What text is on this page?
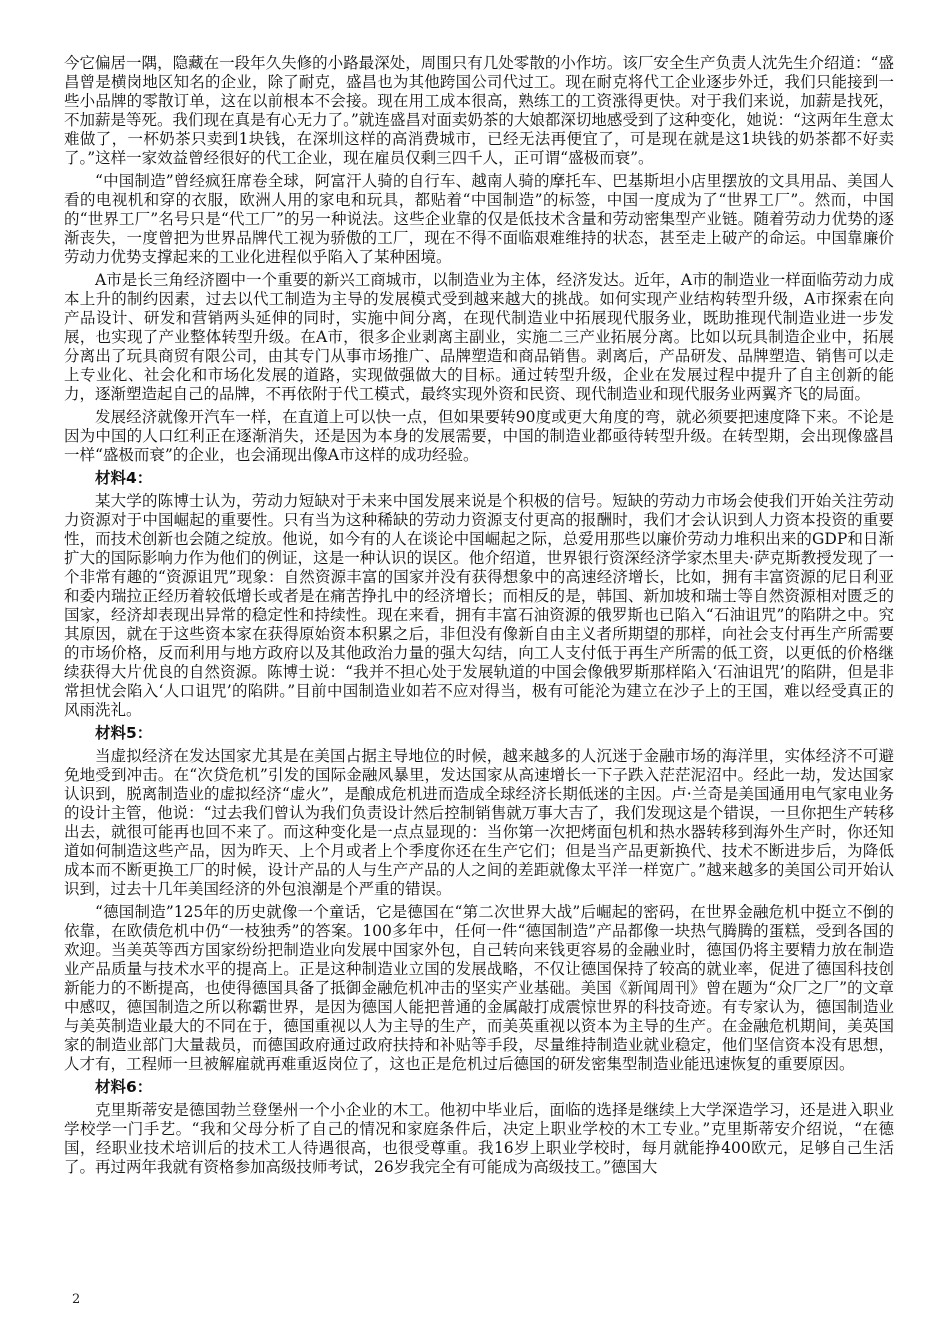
今它偏居一隅，隐藏在一段年久失修的小路最深处，周围只有几处零散的小作坊。该厂安全生产负责人沈先生介绍道：“盛昌曾是横岗地区知名的企业，除了耐克，盛昌也为其他跨国公司代过工。现在耐克将代工企业逐步外迁，我们只能接到一些小品牌的零散订单，这在以前根本不会接。现在用工成本很高，熟练工的工资涨得更快。对于我们来说，加薪是找死，不加薪是等死。我们现在真是有心无力了。”就连盛昌对面卖奶茶的大娘都深切地感受到了这种变化，她说：“这两年生意太难做了，一杯奶茶只卖到1块钱，在深圳这样的高消费城市，已经无法再便宜了，可是现在就是这1块钱的奶茶都不好卖了。”这样一家效益曾经很好的代工企业，现在雇员仅剩三四千人，正可谓“盛极而衰”。

“中国制造”曾经疯狂席卷全球，阿富汗人骑的自行车、越南人骑的摩托车、巴基斯坦小店里摆放的文具用品、美国人看的电视机和穿的衣服，欧洲人用的家电和玩具，都贴着“中国制造”的标签，中国一度成为了“世界工厂”。然而，中国的“世界工厂”名号只是“代工厂”的另一种说法。这些企业靠的仅是低技术含量和劳动密集型产业链。随着劳动力优势的逐渐丧失，一度曾把为世界品牌代工视为骄傲的工厂，现在不得不面临艰难维持的状态，甚至走上破产的命运。中国靠廉价劳动力优势支撑起来的工业化进程似乎陷入了某种困境。

A市是长三角经济圈中一个重要的新兴工商城市，以制造业为主体，经济发达。近年，A市的制造业一样面临劳动力成本上升的制约因素，过去以代工制造为主导的发展模式受到越来越大的挑战。如何实现产业结构转型升级，A市探索在向产品设计、研发和营销两头延伸的同时，实施中间分离，在现代制造业中拓展现代服务业，既助推现代制造业进一步发展，也实现了产业整体转型升级。在A市，很多企业剥离主副业，实施二三产业拓展分离。比如以玩具制造企业中，拓展分离出了玩具商贸有限公司，由其专门从事市场推广、品牌塑造和商品销售。剥离后，产品研发、品牌塑造、销售可以走上专业化、社会化和市场化发展的道路，实现做强做大的目标。通过转型升级，企业在发展过程中提升了自主创新的能力，逐渐塑造起自己的品牌，不再依附于代工模式，最终实现外资和民资、现代制造业和现代服务业两翼齐飞的局面。

发展经济就像开汽车一样，在直道上可以快一点，但如果要转90度或更大角度的弯，就必须要把速度降下来。不论是因为中国的人口红利正在逐渐消失，还是因为本身的发展需要，中国的制造业都亟待转型升级。在转型期，会出现像盛昌一样“盛极而衰”的企业，也会涌现出像A市这样的成功经验。

材料4：

某大学的陈博士认为，劳动力短缺对于未来中国发展来说是个积极的信号。短缺的劳动力市场会使我们开始关注劳动力资源对于中国崛起的重要性。只有当为这种稀缺的劳动力资源支付更高的报酬时，我们才会认识到人力资本投资的重要性，而技术创新也会随之绽放。他说，如今有的人在谈论中国崛起之际，总爱用那些以廉价劳动力堆积出来的GDP和日渐扩大的国际影响力作为他们的例证，这是一种认识的误区。他介绍道，世界银行资深经济学家杰里夫·萨克斯教授发现了一个非常有趣的“资源诅咒”现象：自然资源丰富的国家并没有获得想象中的高速经济增长，比如，拥有丰富资源的尼日利亚和委内瑞拉正经历着较低增长或者是在痛苦挣扎中的经济增长；而相反的是，韩国、新加坡和瑞士等自然资源相对匮乏的国家，经济却表现出异常的稳定性和持续性。现在来看，拥有丰富石油资源的俄罗斯也已陷入“石油诅咒”的陷阱之中。究其原因，就在于这些资本家在获得原始资本积累之后，非但没有像新自由主义者所期望的那样，向社会支付再生产所需要的市场价格，反而利用与地方政府以及其他政治力量的强大勾结，向工人支付低于再生产所需的低工资，以更低的价格继续获得大片优良的自然资源。陈博士说：“我并不担心处于发展轨道的中国会像俄罗斯那样陷入‘石油诅咒’的陷阱，但是非常担忧会陷入‘人口诅咒’的陷阱。”目前中国制造业如若不应对得当，极有可能沦为建立在沙子上的王国，难以经受真正的风雨洗礼。

材料5：

当虚拟经济在发达国家尤其是在美国占据主导地位的时候，越来越多的人沉迷于金融市场的海洋里，实体经济不可避免地受到冲击。在“次贷危机”引发的国际金融风暴里，发达国家从高速增长一下子跌入茫茫泥沼中。经此一劫，发达国家认识到，脱离制造业的虚拟经济“虚火”，是酿成危机进而造成全球经济长期低迷的主因。卢·兰奇是美国通用电气家电业务的设计主管，他说：“过去我们曾认为我们负责设计然后控制销售就万事大吉了，我们发现这是个错误，一旦你把生产转移出去，就很可能再也回不来了。而这种变化是一点点显现的：当你第一次把烤面包机和热水器转移到海外生产时，你还知道如何制造这些产品，因为昨天、上个月或者上个季度你还在生产它们；但是当产品更新换代、技术不断进步后，为降低成本而不断更换工厂的时候，设计产品的人与生产产品的人之间的差距就像太平洋一样宽广。”越来越多的美国公司开始认识到，过去十几年美国经济的外包浪潮是个严重的错误。

“德国制造”125年的历史就像一个童话，它是德国在“第二次世界大战”后崛起的密码，在世界金融危机中挺立不倒的依靠，在欧债危机中仍“一枝独秀”的答案。100多年中，任何一件“德国制造”产品都像一块热气腾腾的蛋糕，受到各国的欢迎。当美英等西方国家纷纷把制造业向发展中国家外包，自己转向来钱更容易的金融业时，德国仍将主要精力放在制造业产品质量与技术水平的提高上。正是这种制造业立国的发展战略，不仅让德国保持了较高的就业率，促进了德国科技创新能力的不断提高，也使得德国具备了抵御金融危机冲击的坚实产业基础。美国《新闻周刊》曾在题为“众厂之厂”的文章中感叹，德国制造之所以称霸世界，是因为德国人能把普通的金属敲打成震惊世界的科技奇迹。有专家认为，德国制造业与美英制造业最大的不同在于，德国重视以人为主导的生产，而美英重视以资本为主导的生产。在金融危机期间，美英国家的制造业部门大量裁员，而德国政府通过政府扶持和补贴等手段，尽量维持制造业就业稳定，他们坚信资本没有思想，人才有，工程师一旦被解雇就再难重返岗位了，这也正是危机过后德国的研发密集型制造业能迅速恢复的重要原因。

材料6：

克里斯蒂安是德国勃兰登堡州一个小企业的木工。他初中毕业后，面临的选择是继续上大学深造学习，还是进入职业学校学一门手艺。“我和父母分析了自己的情况和家庭条件后，决定上职业学校的木工专业。”克里斯蒂安介绍说，“在德国，经职业技术培训后的技术工人待遇很高，也很受尊重。我16岁上职业学校时，每月就能挣400欧元，足够自己生活了。再过两年我就有资格参加高级技师考试，26岁我完全有可能成为高级技工。”德国大

2
